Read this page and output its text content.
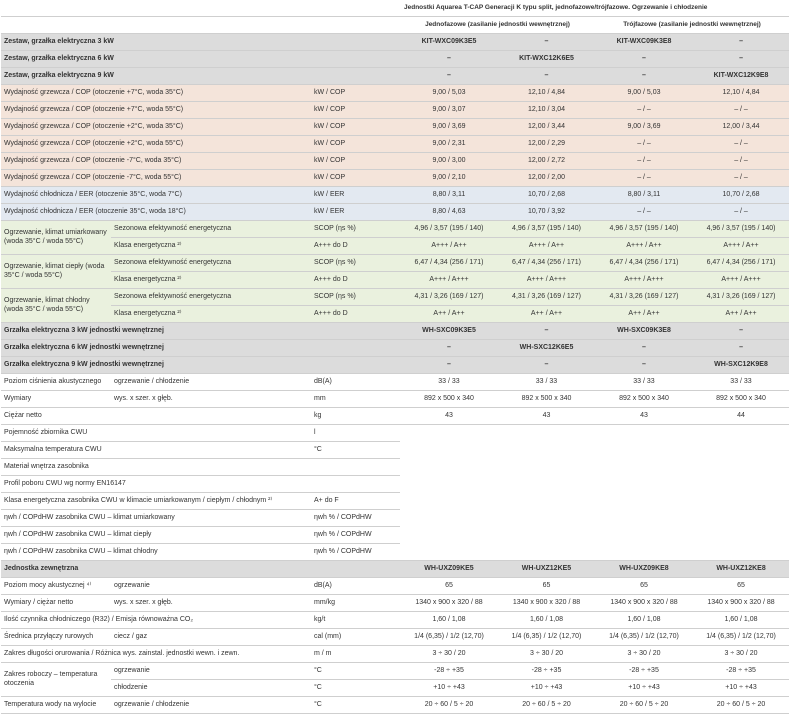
			Jednostki Aquarea T-CAP Generacji K typu split, jednofazowe/trójfazowe. Ogrzewanie i chłodzenie			
			Jednofazowe (zasilanie jednostki wewnętrznej)		Trójfazowe (zasilanie jednostki wewnętrznej)	
Zestaw, grzałka elektryczna 3 kW			KIT-WXC09K3E5	–	KIT-WXC09K3E8	–
Zestaw, grzałka elektryczna 6 kW			–	KIT-WXC12K6E5	–	–
Zestaw, grzałka elektryczna 9 kW			–	–	–	KIT-WXC12K9E8
Wydajność grzewcza / COP (otoczenie +7°C, woda 35°C)		kW / COP	9,00 / 5,03	12,10 / 4,84	9,00 / 5,03	12,10 / 4,84
Wydajność grzewcza / COP (otoczenie +7°C, woda 55°C)		kW / COP	9,00 / 3,07	12,10 / 3,04	– / –	– / –
Wydajność grzewcza / COP (otoczenie +2°C, woda 35°C)		kW / COP	9,00 / 3,69	12,00 / 3,44	9,00 / 3,69	12,00 / 3,44
Wydajność grzewcza / COP (otoczenie +2°C, woda 55°C)		kW / COP	9,00 / 2,31	12,00 / 2,29	– / –	– / –
Wydajność grzewcza / COP (otoczenie -7°C, woda 35°C)		kW / COP	9,00 / 3,00	12,00 / 2,72	– / –	– / –
Wydajność grzewcza / COP (otoczenie -7°C, woda 55°C)		kW / COP	9,00 / 2,10	12,00 / 2,00	– / –	– / –
Wydajność chłodnicza / EER (otoczenie 35°C, woda 7°C)		kW / EER	8,80 / 3,11	10,70 / 2,68	8,80 / 3,11	10,70 / 2,68
Wydajność chłodnicza / EER (otoczenie 35°C, woda 18°C)		kW / EER	8,80 / 4,63	10,70 / 3,92	– / –	– / –
Ogrzewanie, klimat umiarkowany (woda 35°C / woda 55°C)	Sezonowa efektywność energetyczna	SCOP (ηs %)	4,96 / 3,57 (195 / 140)	4,96 / 3,57 (195 / 140)	4,96 / 3,57 (195 / 140)	4,96 / 3,57 (195 / 140)
	Klasa energetyczna ²⁾	A+++ do D	A+++ / A++	A+++ / A++	A+++ / A++	A+++ / A++
Ogrzewanie, klimat ciepły (woda 35°C / woda 55°C)	Sezonowa efektywność energetyczna	SCOP (ηs %)	6,47 / 4,34 (256 / 171)	6,47 / 4,34 (256 / 171)	6,47 / 4,34 (256 / 171)	6,47 / 4,34 (256 / 171)
	Klasa energetyczna ²⁾	A+++ do D	A+++ / A+++	A+++ / A+++	A+++ / A+++	A+++ / A+++
Ogrzewanie, klimat chłodny (woda 35°C / woda 55°C)	Sezonowa efektywność energetyczna	SCOP (ηs %)	4,31 / 3,26 (169 / 127)	4,31 / 3,26 (169 / 127)	4,31 / 3,26 (169 / 127)	4,31 / 3,26 (169 / 127)
	Klasa energetyczna ²⁾	A+++ do D	A++ / A++	A++ / A++	A++ / A++	A++ / A++
Grzałka elektryczna 3 kW jednostki wewnętrznej			WH-SXC09K3E5	–	WH-SXC09K3E8	–
Grzałka elektryczna 6 kW jednostki wewnętrznej			–	WH-SXC12K6E5	–	–
Grzałka elektryczna 9 kW jednostki wewnętrznej			–	–	–	WH-SXC12K9E8
Poziom ciśnienia akustycznego	ogrzewanie / chłodzenie	dB(A)	33 / 33	33 / 33	33 / 33	33 / 33
Wymiary	wys. x szer. x głęb.	mm	892 x 500 x 340	892 x 500 x 340	892 x 500 x 340	892 x 500 x 340
Ciężar netto		kg	43	43	43	44
Pojemność zbiornika CWU		l	Dane orientacyjne			
Maksymalna temperatura CWU		°C				
Materiał wnętrza zasobnika						
Profil poboru CWU wg normy EN16147						
Klasa energetyczna zasobnika CWU w klimacie umiarkowanym / ciepłym / chłodnym ²⁾		A+ do F				
ηwh / COPdHW zasobnika CWU – klimat umiarkowany		ηwh % / COPdHW				
ηwh / COPdHW zasobnika CWU – klimat ciepły		ηwh % / COPdHW				
ηwh / COPdHW zasobnika CWU – klimat chłodny		ηwh % / COPdHW				
Jednostka zewnętrzna			WH-UXZ09KE5	WH-UXZ12KE5	WH-UXZ09KE8	WH-UXZ12KE8
Poziom mocy akustycznej ⁴⁾	ogrzewanie	dB(A)	65	65	65	65
Wymiary / ciężar netto	wys. x szer. x głęb.	mm/kg	1340 x 900 x 320 / 88	1340 x 900 x 320 / 88	1340 x 900 x 320 / 88	1340 x 900 x 320 / 88
Ilość czynnika chłodniczego (R32) / Emisja równoważna CO₂		kg/t	1,60 / 1,08	1,60 / 1,08	1,60 / 1,08	1,60 / 1,08
Średnica przyłączy rurowych	ciecz / gaz	cal (mm)	1/4 (6,35) / 1/2 (12,70)	1/4 (6,35) / 1/2 (12,70)	1/4 (6,35) / 1/2 (12,70)	1/4 (6,35) / 1/2 (12,70)
Zakres długości orurowania / Różnica wys. zainstal. jednostki wewn. i zewn.		m / m	3 ÷ 30 / 20	3 ÷ 30 / 20	3 ÷ 30 / 20	3 ÷ 30 / 20
Zakres roboczy – temperatura otoczenia	ogrzewanie	°C	-28 ÷ +35	-28 ÷ +35	-28 ÷ +35	-28 ÷ +35
	chłodzenie	°C	+10 ÷ +43	+10 ÷ +43	+10 ÷ +43	+10 ÷ +43
Temperatura wody na wylocie	ogrzewanie / chłodzenie	°C	20 ÷ 60 / 5 ÷ 20	20 ÷ 60 / 5 ÷ 20	20 ÷ 60 / 5 ÷ 20	20 ÷ 60 / 5 ÷ 20
